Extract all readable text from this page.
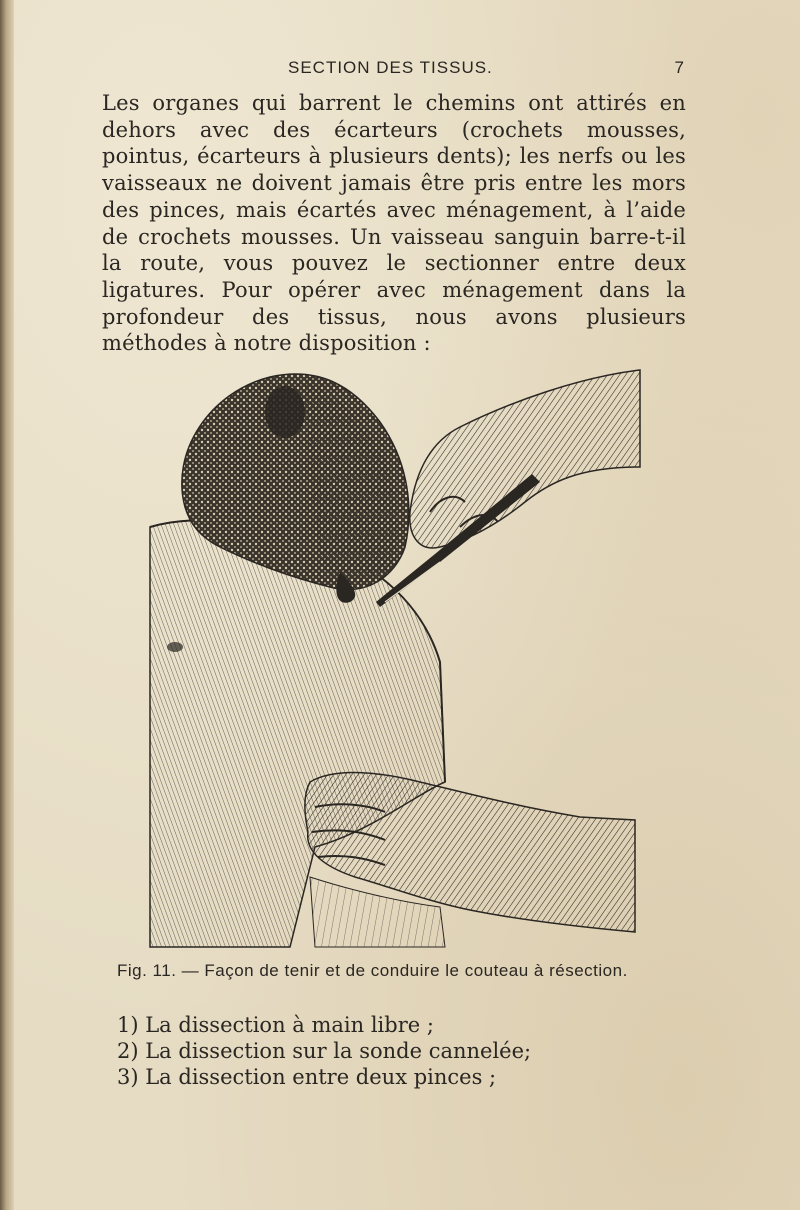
SECTION DES TISSUS.	7
Les organes qui barrent le chemins ont attirés en dehors avec des écarteurs (crochets mousses, pointus, écarteurs à plusieurs dents); les nerfs ou les vaisseaux ne doivent jamais être pris entre les mors des pinces, mais écartés avec ménagement, à l’aide de crochets mousses. Un vaisseau sanguin barre-t-il la route, vous pouvez le sectionner entre deux ligatures. Pour opérer avec ménagement dans la profondeur des tissus, nous avons plusieurs méthodes à notre disposition :
Fig. 11. — Façon de tenir et de conduire le couteau à résection.
1) La dissection à main libre ;
2) La dissection sur la sonde cannelée;
3) La dissection entre deux pinces ;
